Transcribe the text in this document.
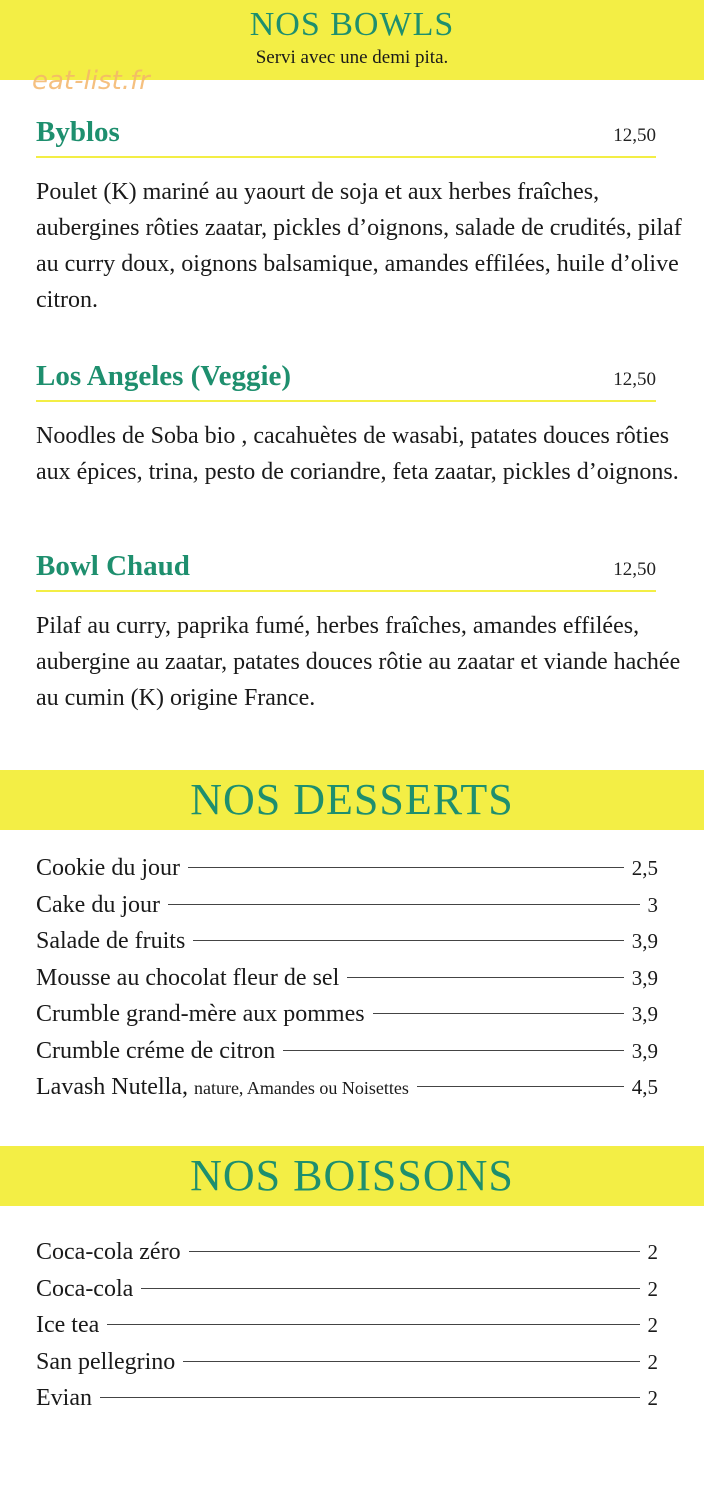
NOS BOWLS
Servi avec une demi pita.
eat-list.fr
Byblos	12,50
Poulet (K) mariné au yaourt de soja et aux herbes fraîches, aubergines rôties zaatar, pickles d’oignons, salade de crudités, pilaf au curry doux, oignons balsamique, amandes effilées, huile d’olive citron.
Los Angeles (Veggie)	12,50
Noodles de Soba bio , cacahuètes de wasabi, patates douces rôties aux épices, trina, pesto de coriandre, feta zaatar, pickles d’oignons.
Bowl Chaud	12,50
Pilaf au curry, paprika fumé, herbes fraîches, amandes effilées, aubergine au zaatar, patates douces rôtie au zaatar et viande hachée au cumin (K) origine France.
NOS DESSERTS
Cookie du jour	2,5
Cake du jour	3
Salade de fruits	3,9
Mousse au chocolat fleur de sel	3,9
Crumble grand-mère aux pommes	3,9
Crumble créme de citron	3,9
Lavash Nutella, nature, Amandes ou Noisettes	4,5
NOS BOISSONS
Coca-cola zéro	2
Coca-cola	2
Ice tea	2
San pellegrino	2
Evian	2
